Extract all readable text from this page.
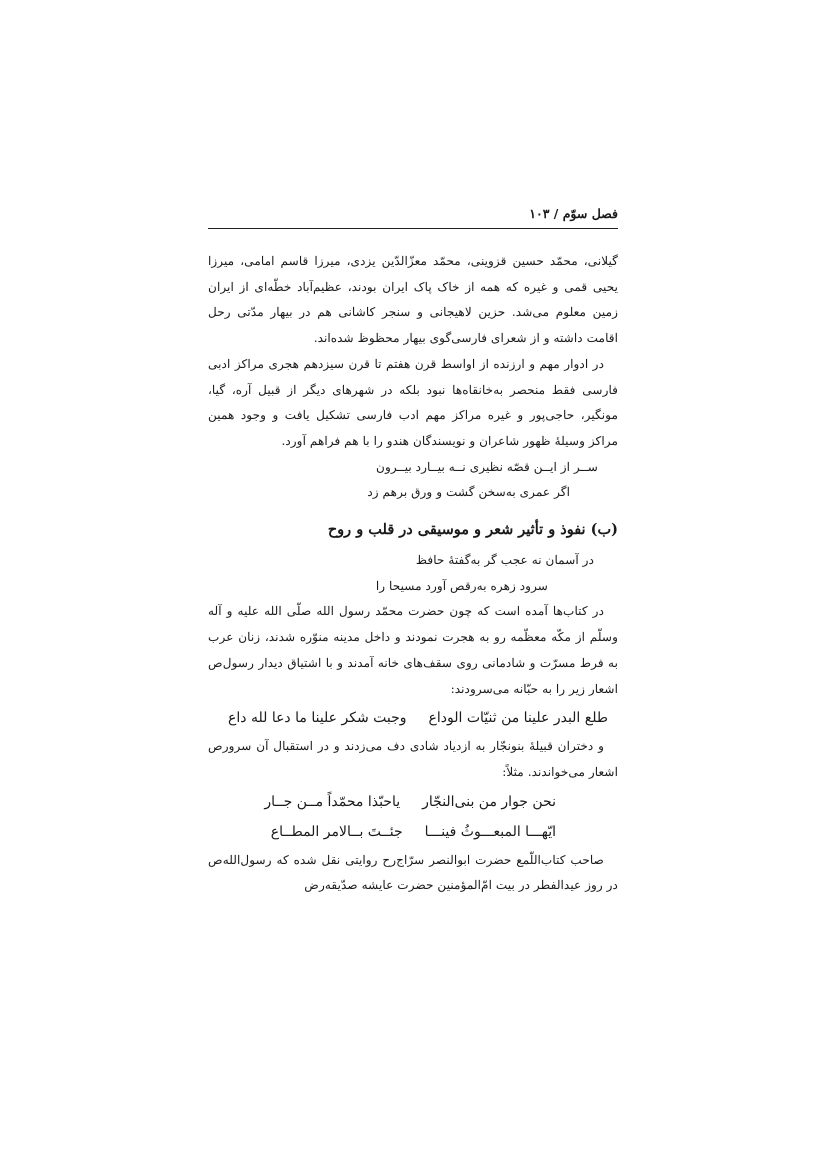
فصل سوّم / ۱۰۳

گیلانی، محمّد حسین قزوینی، محمّد معزّالدّین یزدی، میرزا قاسم امامی، میرزا یحیی قمی و غیره که همه از خاک پاک ایران بودند، عظیم‌آباد خطّه‌ای از ایران زمین معلوم می‌شد. حزین لاهیجانی و سنجر کاشانی هم در بیهار مدّتی رحل اقامت داشته و از شعرای فارسی‌گوی بیهار محظوظ شده‌اند.

در ادوار مهم و ارزنده از اواسط قرن هفتم تا قرن سیزدهم هجری مراکز ادبی فارسی فقط منحصر به‌خانقاه‌ها نبود بلکه در شهرهای دیگر از قبیل آره، گیا، مونگیر، حاجی‌پور و غیره مراکز مهم ادب فارسی تشکیل یافت و وجود همین مراکز وسیلهٔ ظهور شاعران و نویسندگان هندو را با هم فراهم آورد.

ســر از ایــن قصّه نظیری نــه بیــارد بیــرون

اگر عمری به‌سخن گشت و ورق برهم زد

(ب) نفوذ و تأثیر شعر و موسیقی در قلب و روح

در آسمان نه عجب گر به‌گفتهٔ حافظ

سرود زهره به‌رقص آورد مسیحا را

در کتاب‌ها آمده است که چون حضرت محمّد رسول الله صلّی الله علیه و آله وسلّم از مکّه معظّمه رو به هجرت نمودند و داخل مدینه منوّره شدند، زنان عرب به فرط مسرّت و شادمانی روی سقف‌های خانه آمدند و با اشتیاق دیدار رسول‌ص اشعار زیر را به حبّانه می‌سرودند:

طلع البدر علینا من ثنیّات الوداعوجبت شکر علینا ما دعا لله داع

و دختران قبیلهٔ بنونجّار به ازدیاد شادی دف می‌زدند و در استقبال آن سرورص اشعار می‌خواندند. مثلاً:

نحن جوار من بنی‌النجّاریاحبّذا محمّداً مــن جــار
ایّهـــا المبعـــوثُ فینـــاجئــتَ بــالامر المطــاع

صاحب کتاب‌اللّمع حضرت ابوالنصر سرّاج‌رح روایتی نقل شده که رسول‌الله‌ص در روز عیدالفطر در بیت امّ‌المؤمنین حضرت عایشه صدّیقه‌رض
